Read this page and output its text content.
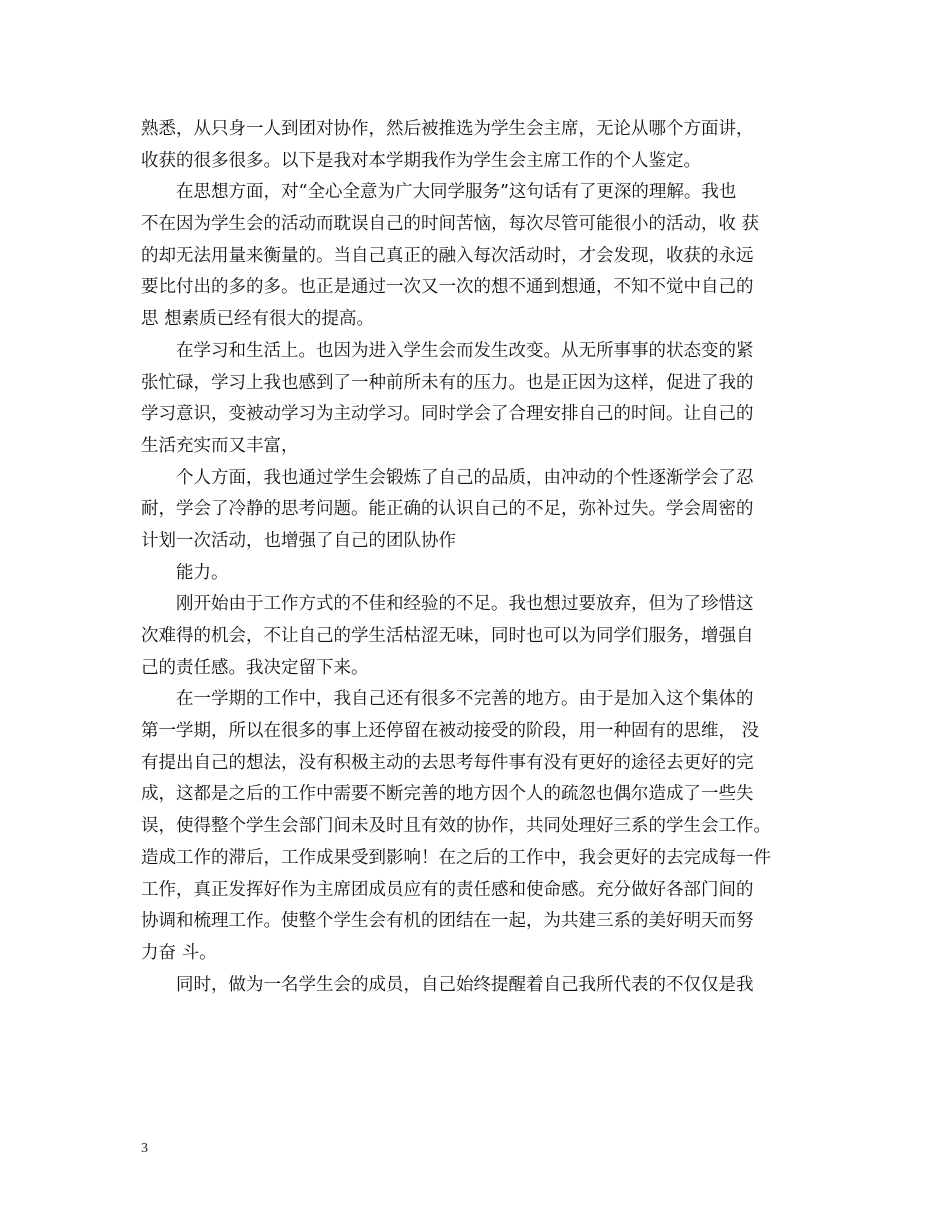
熟悉，从只身一人到团对协作，然后被推选为学生会主席，无论从哪个方面讲，
收获的很多很多。以下是我对本学期我作为学生会主席工作的个人鉴定。
在思想方面，对“全心全意为广大同学服务”这句话有了更深的理解。我也
不在因为学生会的活动而耽误自己的时间苦恼，每次尽管可能很小的活动，收 获
的却无法用量来衡量的。当自己真正的融入每次活动时，才会发现，收获的永远
要比付出的多的多。也正是通过一次又一次的想不通到想通，不知不觉中自己的
思 想素质已经有很大的提高。
在学习和生活上。也因为进入学生会而发生改变。从无所事事的状态变的紧
张忙碌，学习上我也感到了一种前所未有的压力。也是正因为这样，促进了我的
学习意识，变被动学习为主动学习。同时学会了合理安排自己的时间。让自己的
生活充实而又丰富，
个人方面，我也通过学生会锻炼了自己的品质，由冲动的个性逐渐学会了忍
耐，学会了冷静的思考问题。能正确的认识自己的不足，弥补过失。学会周密的
计划一次活动，也增强了自己的团队协作
能力。
刚开始由于工作方式的不佳和经验的不足。我也想过要放弃，但为了珍惜这
次难得的机会，不让自己的学生活枯涩无味，同时也可以为同学们服务，增强自
己的责任感。我决定留下来。
在一学期的工作中，我自己还有很多不完善的地方。由于是加入这个集体的
第一学期，所以在很多的事上还停留在被动接受的阶段，用一种固有的思维， 没
有提出自己的想法，没有积极主动的去思考每件事有没有更好的途径去更好的完
成，这都是之后的工作中需要不断完善的地方因个人的疏忽也偶尔造成了一些失
误，使得整个学生会部门间未及时且有效的协作，共同处理好三系的学生会工作。
造成工作的滞后，工作成果受到影响！在之后的工作中，我会更好的去完成每一件
工作，真正发挥好作为主席团成员应有的责任感和使命感。充分做好各部门间的
协调和梳理工作。使整个学生会有机的团结在一起，为共建三系的美好明天而努
力奋 斗。
同时，做为一名学生会的成员，自己始终提醒着自己我所代表的不仅仅是我
3
